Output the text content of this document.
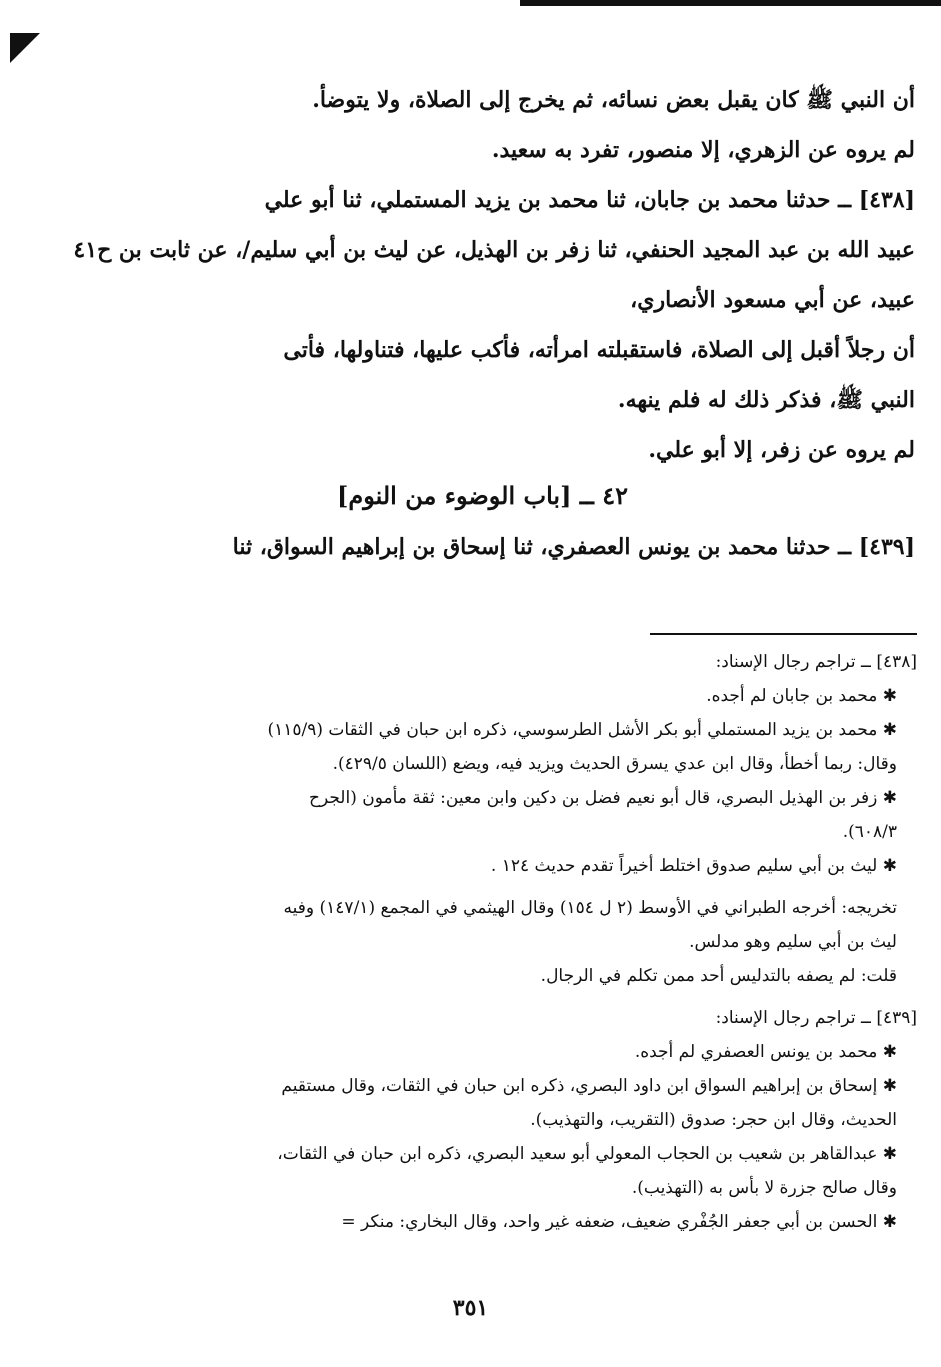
أن النبي ﷺ كان يقبل بعض نسائه، ثم يخرج إلى الصلاة، ولا يتوضأ.

لم يروه عن الزهري، إلا منصور، تفرد به سعيد.

[٤٣٨] ــ حدثنا محمد بن جابان، ثنا محمد بن يزيد المستملي، ثنا أبو علي

عبيد الله بن عبد المجيد الحنفي، ثنا زفر بن الهذيل، عن ليث بن أبي سليم/، عن ثابت بن ح٤١

عبيد، عن أبي مسعود الأنصاري،

أن رجلاً أقبل إلى الصلاة، فاستقبلته امرأته، فأكب عليها، فتناولها، فأتى

النبي ﷺ، فذكر ذلك له فلم ينهه.

لم يروه عن زفر، إلا أبو علي.

٤٢ ــ [باب الوضوء من النوم]

[٤٣٩] ــ حدثنا محمد بن يونس العصفري، ثنا إسحاق بن إبراهيم السواق، ثنا

[٤٣٨] ــ تراجم رجال الإسناد:

✱ محمد بن جابان لم أجده.

✱ محمد بن يزيد المستملي أبو بكر الأشل الطرسوسي، ذكره ابن حبان في الثقات (١١٥/٩)

وقال: ربما أخطأ، وقال ابن عدي يسرق الحديث ويزيد فيه، ويضع (اللسان ٤٢٩/٥).

✱ زفر بن الهذيل البصري، قال أبو نعيم فضل بن دكين وابن معين: ثقة مأمون (الجرح

٦٠٨/٣).

✱ ليث بن أبي سليم صدوق اختلط أخيراً تقدم حديث ١٢٤ .

تخريجه: أخرجه الطبراني في الأوسط (٢ ل ١٥٤) وقال الهيثمي في المجمع (١٤٧/١) وفيه

ليث بن أبي سليم وهو مدلس.

قلت: لم يصفه بالتدليس أحد ممن تكلم في الرجال.

[٤٣٩] ــ تراجم رجال الإسناد:

✱ محمد بن يونس العصفري لم أجده.

✱ إسحاق بن إبراهيم السواق ابن داود البصري، ذكره ابن حبان في الثقات، وقال مستقيم

الحديث، وقال ابن حجر: صدوق (التقريب، والتهذيب).

✱ عبدالقاهر بن شعيب بن الحجاب المعولي أبو سعيد البصري، ذكره ابن حبان في الثقات،

وقال صالح جزرة لا بأس به (التهذيب).

✱ الحسن بن أبي جعفر الجُفْري ضعيف، ضعفه غير واحد، وقال البخاري: منكر =

٣٥١
